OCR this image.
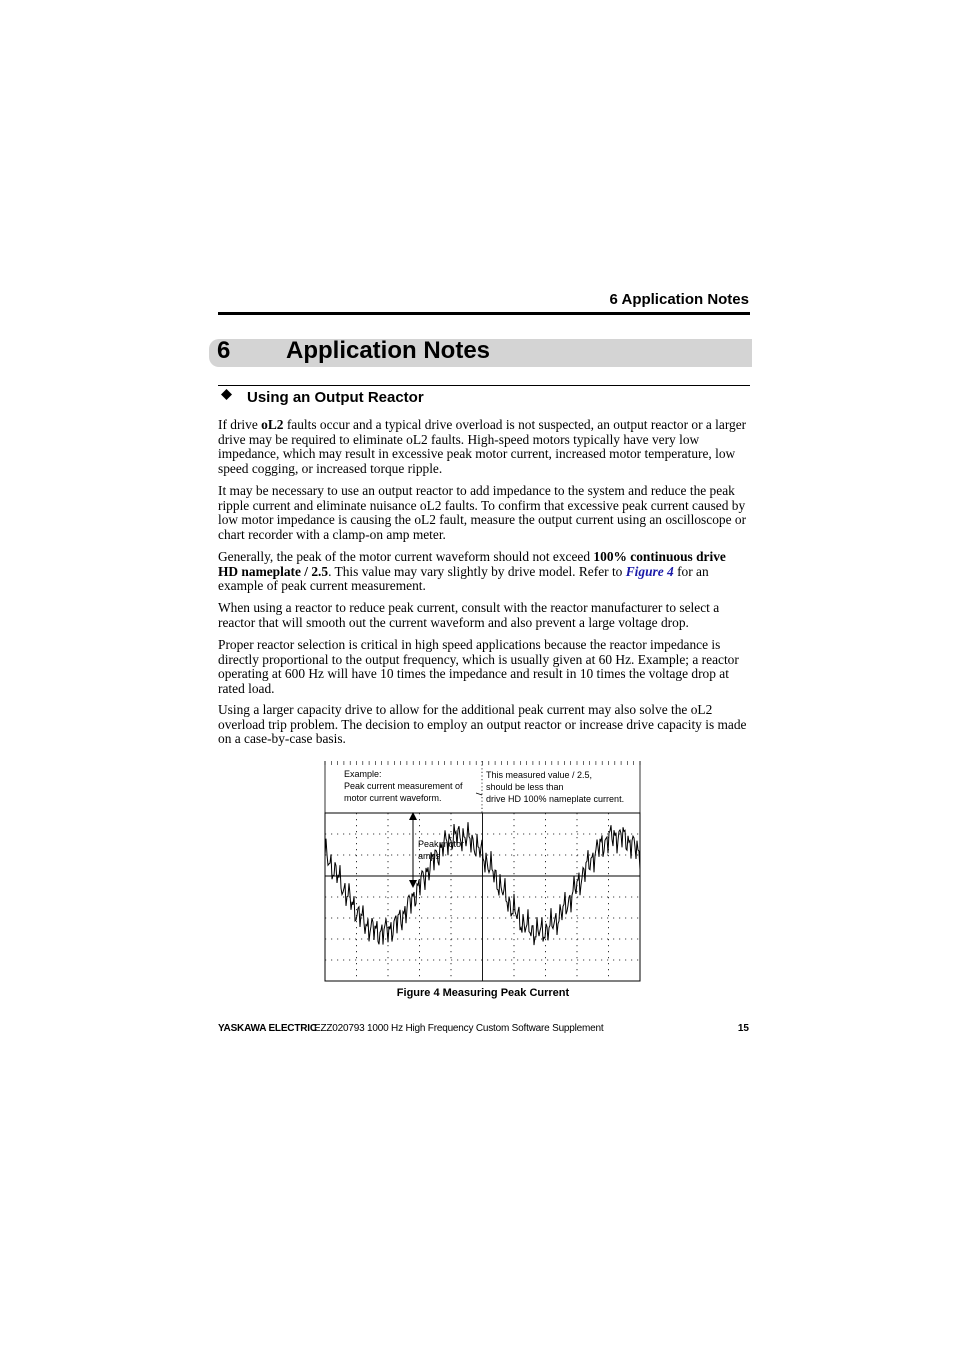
6 Application Notes
6 Application Notes
Using an Output Reactor

If drive oL2 faults occur and a typical drive overload is not suspected, an output reactor or a larger drive may be required to eliminate oL2 faults. High-speed motors typically have very low impedance, which may result in excessive peak motor current, increased motor temperature, low speed cogging, or increased torque ripple.

It may be necessary to use an output reactor to add impedance to the system and reduce the peak ripple current and eliminate nuisance oL2 faults. To confirm that excessive peak current caused by low motor impedance is causing the oL2 fault, measure the output current using an oscilloscope or chart recorder with a clamp-on amp meter.

Generally, the peak of the motor current waveform should not exceed 100% continuous drive HD nameplate / 2.5. This value may vary slightly by drive model. Refer to Figure 4 for an example of peak current measurement.

When using a reactor to reduce peak current, consult with the reactor manufacturer to select a reactor that will smooth out the current waveform and also prevent a large voltage drop.

Proper reactor selection is critical in high speed applications because the reactor impedance is directly proportional to the output frequency, which is usually given at 60 Hz. Example; a reactor operating at 600 Hz will have 10 times the impedance and result in 10 times the voltage drop at rated load.

Using a larger capacity drive to allow for the additional peak current may also solve the oL2 overload trip problem. The decision to employ an output reactor or increase drive capacity is made on a case-by-case basis.

Example:
Peak current measurement of
motor current waveform.
This measured value / 2.5,
should be less than
drive HD 100% nameplate current.
Peak motor
amps
Figure 4 Measuring Peak Current
YASKAWA ELECTRIC
EZZ020793 1000 Hz High Frequency Custom Software Supplement	15
